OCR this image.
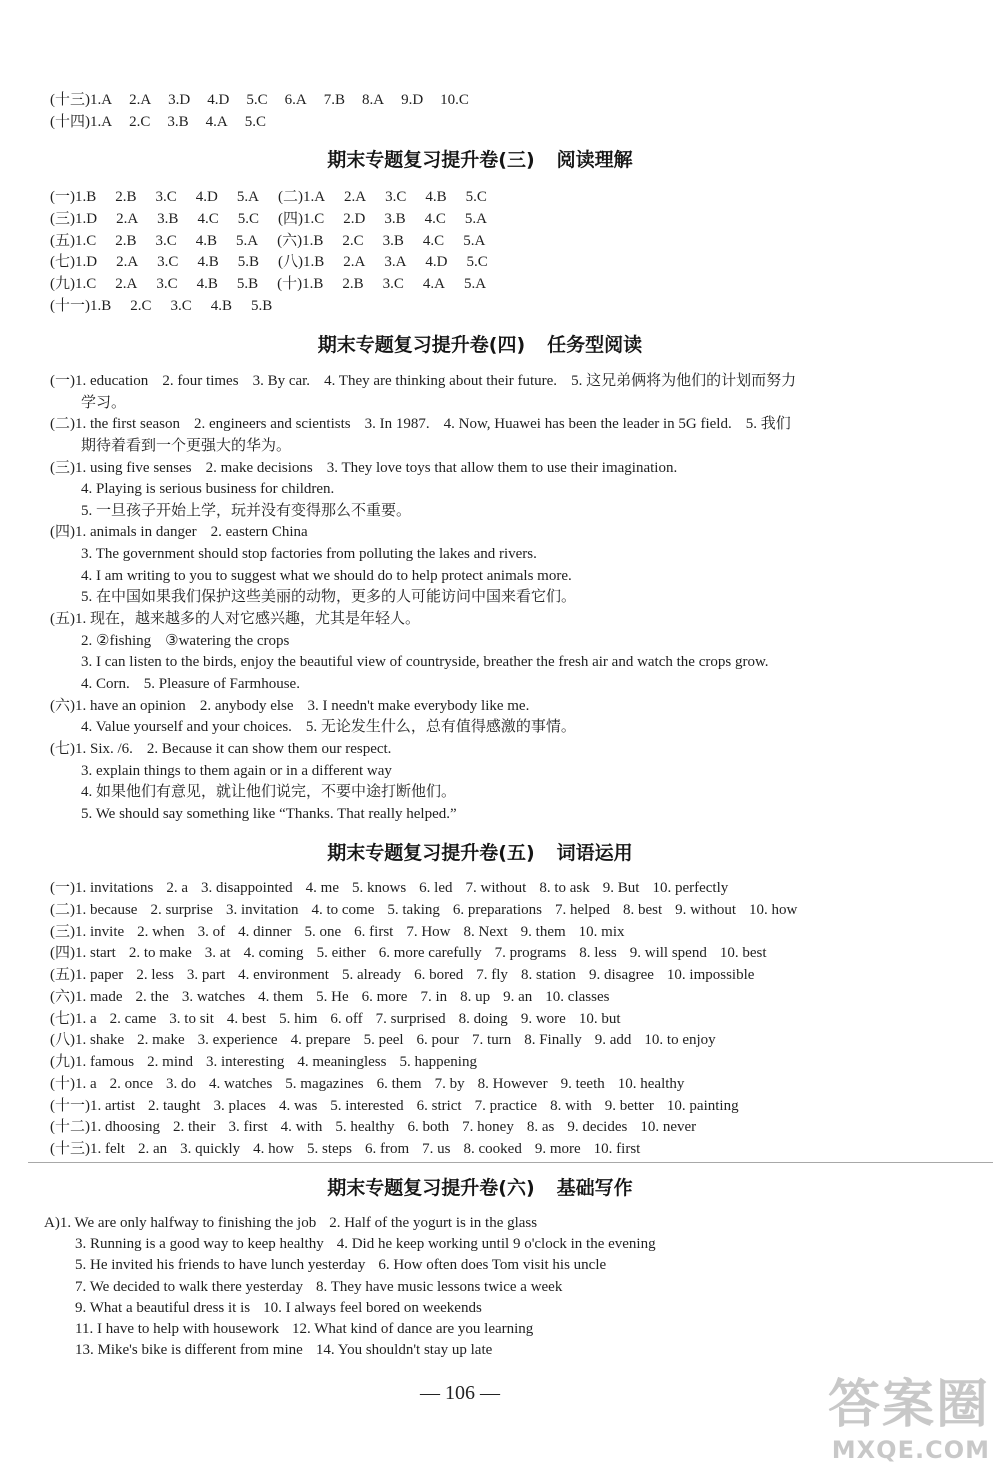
(十三)1.A 2.A 3.D 4.D 5.C 6.A 7.B 8.A 9.D 10.C
(十四)1.A 2.C 3.B 4.A 5.C
期末专题复习提升卷(三) 阅读理解
(一)1.B 2.B 3.C 4.D 5.A (二)1.A 2.A 3.C 4.B 5.C
(三)1.D 2.A 3.B 4.C 5.C (四)1.C 2.D 3.B 4.C 5.A
(五)1.C 2.B 3.C 4.B 5.A (六)1.B 2.C 3.B 4.C 5.A
(七)1.D 2.A 3.C 4.B 5.B (八)1.B 2.A 3.A 4.D 5.C
(九)1.C 2.A 3.C 4.B 5.B (十)1.B 2.B 3.C 4.A 5.A
(十一)1.B 2.C 3.C 4.B 5.B
期末专题复习提升卷(四) 任务型阅读
(一)1. education 2. four times 3. By car. 4. They are thinking about their future. 5. 这兄弟俩将为他们的计划而努力
学习。
(二)1. the first season 2. engineers and scientists 3. In 1987. 4. Now, Huawei has been the leader in 5G field. 5. 我们
期待着看到一个更强大的华为。
(三)1. using five senses 2. make decisions 3. They love toys that allow them to use their imagination.
4. Playing is serious business for children.
5. 一旦孩子开始上学，玩并没有变得那么不重要。
(四)1. animals in danger 2. eastern China
3. The government should stop factories from polluting the lakes and rivers.
4. I am writing to you to suggest what we should do to help protect animals more.
5. 在中国如果我们保护这些美丽的动物，更多的人可能访问中国来看它们。
(五)1. 现在，越来越多的人对它感兴趣，尤其是年轻人。
2. ②fishing ③watering the crops
3. I can listen to the birds, enjoy the beautiful view of countryside, breather the fresh air and watch the crops grow.
4. Corn. 5. Pleasure of Farmhouse.
(六)1. have an opinion 2. anybody else 3. I needn't make everybody like me.
4. Value yourself and your choices. 5. 无论发生什么，总有值得感激的事情。
(七)1. Six. /6. 2. Because it can show them our respect.
3. explain things to them again or in a different way
4. 如果他们有意见，就让他们说完，不要中途打断他们。
5. We should say something like “Thanks. That really helped.”
期末专题复习提升卷(五) 词语运用
(一)1. invitations 2. a 3. disappointed 4. me 5. knows 6. led 7. without 8. to ask 9. But 10. perfectly
(二)1. because 2. surprise 3. invitation 4. to come 5. taking 6. preparations 7. helped 8. best 9. without 10. how
(三)1. invite 2. when 3. of 4. dinner 5. one 6. first 7. How 8. Next 9. them 10. mix
(四)1. start 2. to make 3. at 4. coming 5. either 6. more carefully 7. programs 8. less 9. will spend 10. best
(五)1. paper 2. less 3. part 4. environment 5. already 6. bored 7. fly 8. station 9. disagree 10. impossible
(六)1. made 2. the 3. watches 4. them 5. He 6. more 7. in 8. up 9. an 10. classes
(七)1. a 2. came 3. to sit 4. best 5. him 6. off 7. surprised 8. doing 9. wore 10. but
(八)1. shake 2. make 3. experience 4. prepare 5. peel 6. pour 7. turn 8. Finally 9. add 10. to enjoy
(九)1. famous 2. mind 3. interesting 4. meaningless 5. happening
(十)1. a 2. once 3. do 4. watches 5. magazines 6. them 7. by 8. However 9. teeth 10. healthy
(十一)1. artist 2. taught 3. places 4. was 5. interested 6. strict 7. practice 8. with 9. better 10. painting
(十二)1. dhoosing 2. their 3. first 4. with 5. healthy 6. both 7. honey 8. as 9. decides 10. never
(十三)1. felt 2. an 3. quickly 4. how 5. steps 6. from 7. us 8. cooked 9. more 10. first
期末专题复习提升卷(六) 基础写作
A)1. We are only halfway to finishing the job 2. Half of the yogurt is in the glass
3. Running is a good way to keep healthy 4. Did he keep working until 9 o'clock in the evening
5. He invited his friends to have lunch yesterday 6. How often does Tom visit his uncle
7. We decided to walk there yesterday 8. They have music lessons twice a week
9. What a beautiful dress it is 10. I always feel bored on weekends
11. I have to help with housework 12. What kind of dance are you learning
13. Mike's bike is different from mine 14. You shouldn't stay up late
— 106 —	答案圈
MXQE.COM
